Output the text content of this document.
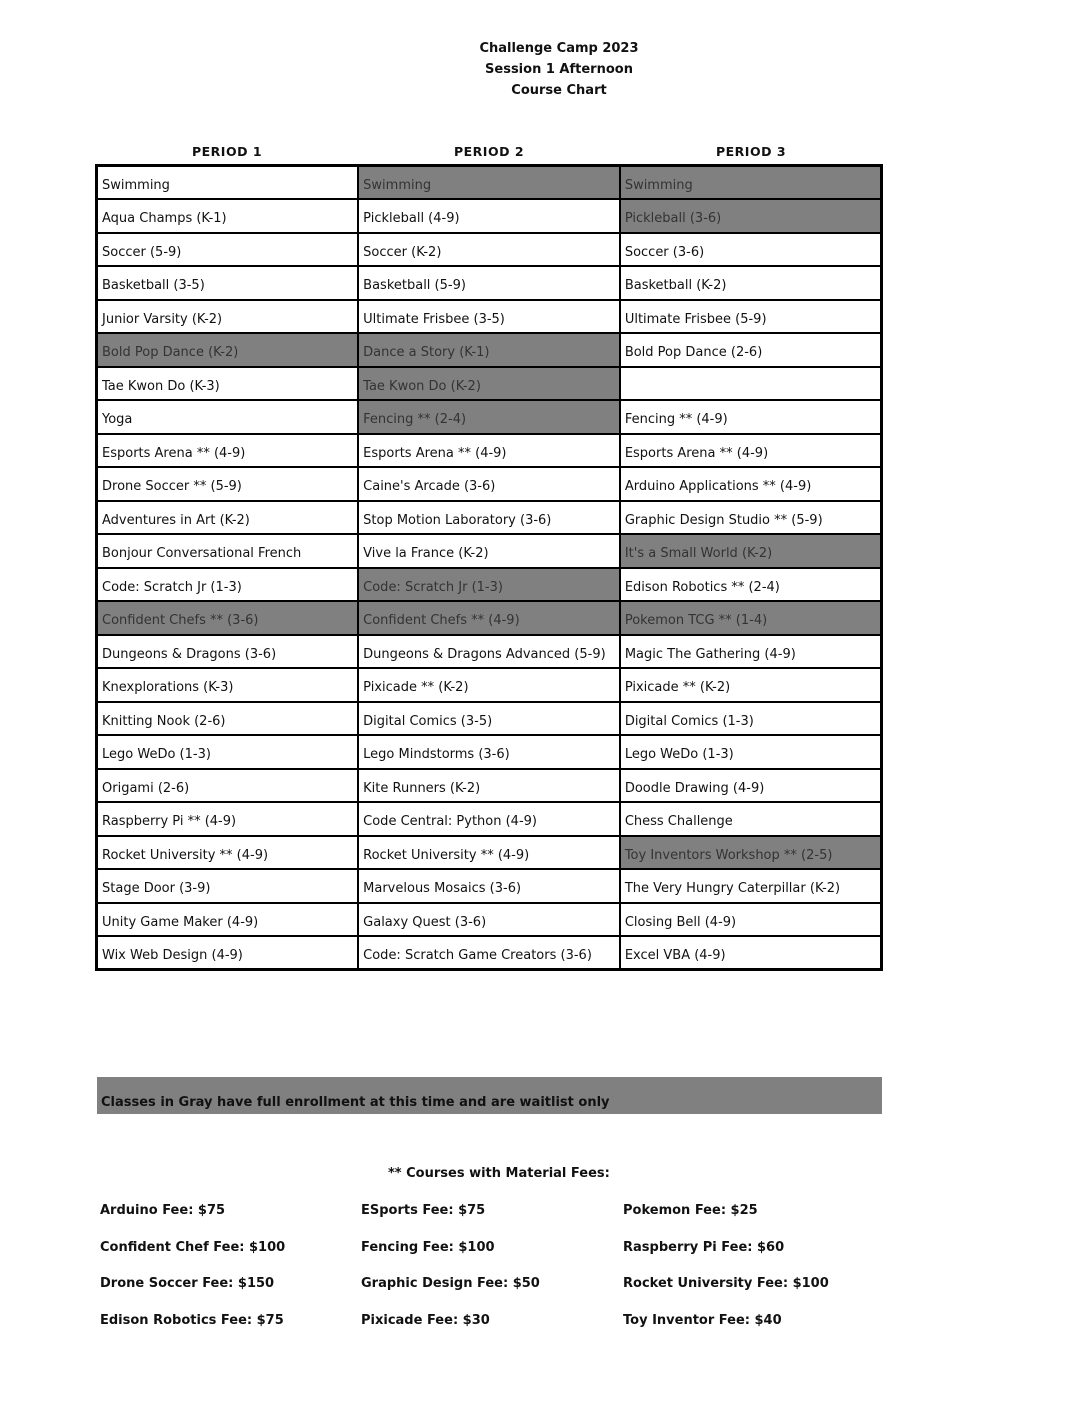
Challenge Camp 2023
Session 1 Afternoon
Course Chart
PERIOD 1	PERIOD 2	PERIOD 3
Swimming	Swimming	Swimming
Aqua Champs (K-1)	Pickleball (4-9)	Pickleball (3-6)
Soccer (5-9)	Soccer (K-2)	Soccer (3-6)
Basketball (3-5)	Basketball (5-9)	Basketball (K-2)
Junior Varsity (K-2)	Ultimate Frisbee (3-5)	Ultimate Frisbee (5-9)
Bold Pop Dance (K-2)	Dance a Story (K-1)	Bold Pop Dance (2-6)
Tae Kwon Do (K-3)	Tae Kwon Do (K-2)	
Yoga	Fencing ** (2-4)	Fencing ** (4-9)
Esports Arena ** (4-9)	Esports Arena ** (4-9)	Esports Arena ** (4-9)
Drone Soccer ** (5-9)	Caine's Arcade (3-6)	Arduino Applications ** (4-9)
Adventures in Art (K-2)	Stop Motion Laboratory (3-6)	Graphic Design Studio ** (5-9)
Bonjour Conversational French	Vive la France (K-2)	It's a Small World (K-2)
Code: Scratch Jr (1-3)	Code: Scratch Jr (1-3)	Edison Robotics ** (2-4)
Confident Chefs ** (3-6)	Confident Chefs ** (4-9)	Pokemon TCG ** (1-4)
Dungeons & Dragons (3-6)	Dungeons & Dragons Advanced (5-9)	Magic The Gathering (4-9)
Knexplorations (K-3)	Pixicade ** (K-2)	Pixicade ** (K-2)
Knitting Nook (2-6)	Digital Comics (3-5)	Digital Comics (1-3)
Lego WeDo (1-3)	Lego Mindstorms (3-6)	Lego WeDo (1-3)
Origami (2-6)	Kite Runners (K-2)	Doodle Drawing (4-9)
Raspberry Pi ** (4-9)	Code Central: Python (4-9)	Chess Challenge
Rocket University ** (4-9)	Rocket University ** (4-9)	Toy Inventors Workshop ** (2-5)
Stage Door (3-9)	Marvelous Mosaics (3-6)	The Very Hungry Caterpillar (K-2)
Unity Game Maker (4-9)	Galaxy Quest (3-6)	Closing Bell (4-9)
Wix Web Design (4-9)	Code: Scratch Game Creators (3-6)	Excel VBA (4-9)
Classes in Gray have full enrollment at this time and are waitlist only
** Courses with Material Fees:
Arduino Fee: $75	ESports Fee: $75	Pokemon Fee: $25
Confident Chef Fee: $100	Fencing Fee: $100	Raspberry Pi Fee: $60
Drone Soccer Fee: $150	Graphic Design Fee: $50	Rocket University Fee: $100
Edison Robotics Fee: $75	Pixicade Fee: $30	Toy Inventor Fee: $40
